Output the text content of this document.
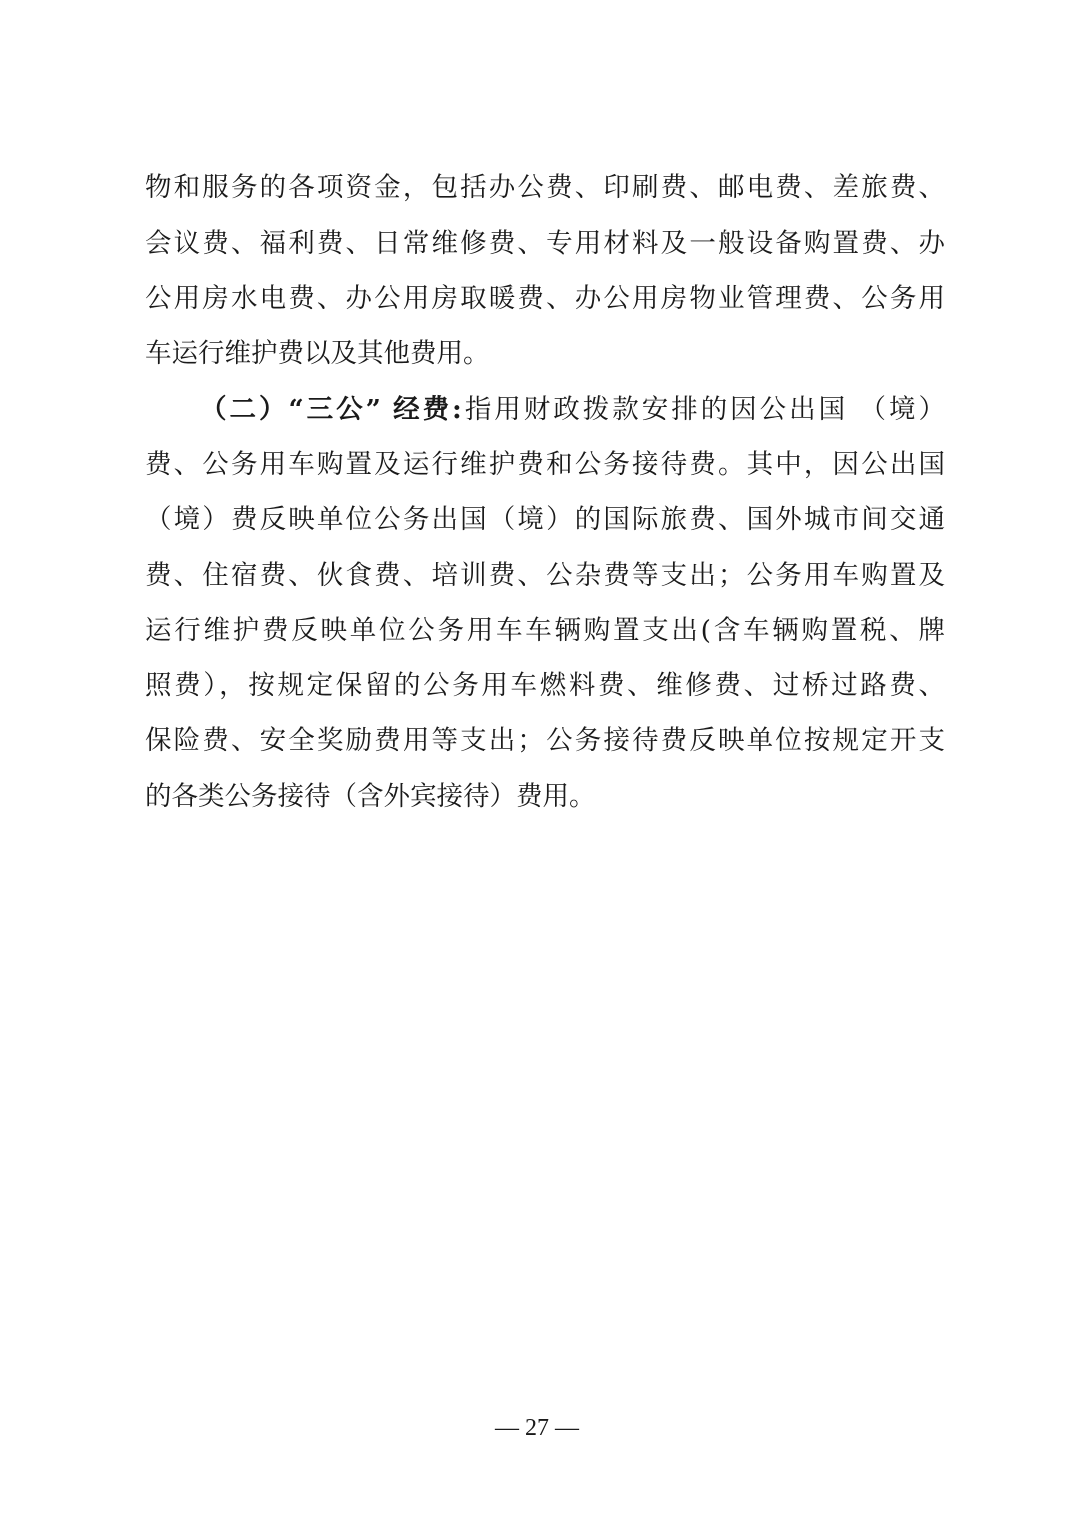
物和服务的各项资金，包括办公费、印刷费、邮电费、差旅费、
会议费、福利费、日常维修费、专用材料及一般设备购置费、办
公用房水电费、办公用房取暖费、办公用房物业管理费、公务用
车运行维护费以及其他费用。
（二）“三公” 经费:指用财政拨款安排的因公出国 （境）
费、公务用车购置及运行维护费和公务接待费。其中，因公出国
（境）费反映单位公务出国（境）的国际旅费、国外城市间交通
费、住宿费、伙食费、培训费、公杂费等支出；公务用车购置及
运行维护费反映单位公务用车车辆购置支出(含车辆购置税、牌
照费），按规定保留的公务用车燃料费、维修费、过桥过路费、
保险费、安全奖励费用等支出；公务接待费反映单位按规定开支
的各类公务接待（含外宾接待）费用。
— 27 —
